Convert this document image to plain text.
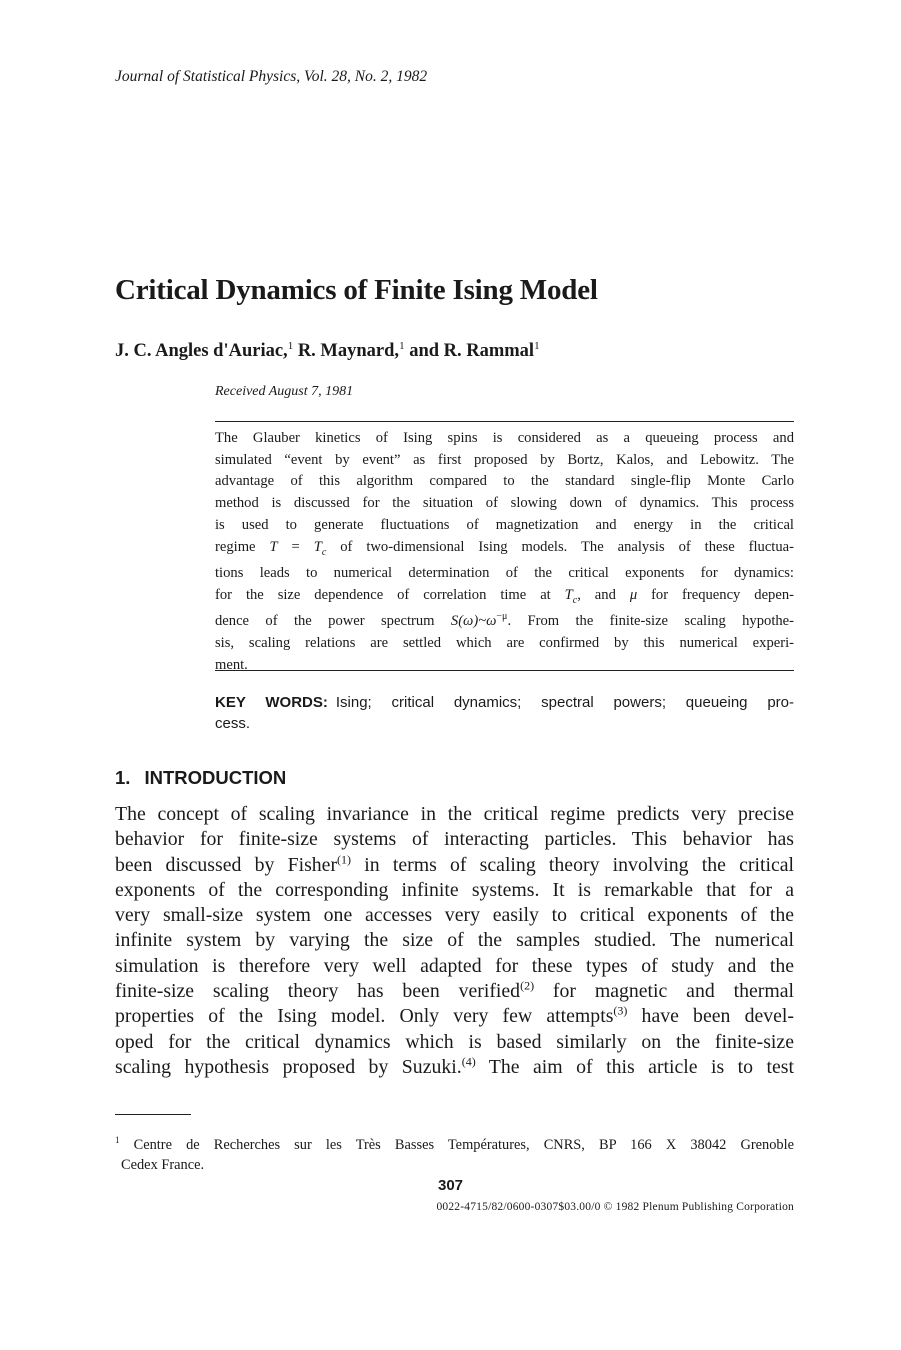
Journal of Statistical Physics, Vol. 28, No. 2, 1982
Critical Dynamics of Finite Ising Model
J. C. Angles d'Auriac,$^1$ R. Maynard,$^1$ and R. Rammal$^1$
Received August 7, 1981
The Glauber kinetics of Ising spins is considered as a queueing process and
simulated “event by event” as first proposed by Bortz, Kalos, and Lebowitz. The
advantage of this algorithm compared to the standard single-flip Monte Carlo
method is discussed for the situation of slowing down of dynamics. This process
is used to generate fluctuations of magnetization and energy in the critical
regime $T = T_c$ of two-dimensional Ising models. The analysis of these fluctua-
tions leads to numerical determination of the critical exponents for dynamics:
for the size dependence of correlation time at $T_c$, and μ for frequency depen-
dence of the power spectrum $S(\omega)\sim\omega^{-\mu}$. From the finite-size scaling hypothe-
sis, scaling relations are settled which are confirmed by this numerical experi-
ment.
KEY WORDS: Ising; critical dynamics; spectral powers; queueing pro-
cess.
1. INTRODUCTION
The concept of scaling invariance in the critical regime predicts very precise
behavior for finite-size systems of interacting particles. This behavior has
been discussed by Fisher$^{(1)}$ in terms of scaling theory involving the critical
exponents of the corresponding infinite systems. It is remarkable that for a
very small-size system one accesses very easily to critical exponents of the
infinite system by varying the size of the samples studied. The numerical
simulation is therefore very well adapted for these types of study and the
finite-size scaling theory has been verified$^{(2)}$ for magnetic and thermal
properties of the Ising model. Only very few attempts$^{(3)}$ have been devel-
oped for the critical dynamics which is based similarly on the finite-size
scaling hypothesis proposed by Suzuki.$^{(4)}$ The aim of this article is to test
$^1$ Centre de Recherches sur les Très Basses Températures, CNRS, BP 166 X 38042 Grenoble
Cedex France.
307
0022-4715/82/0600-0307$03.00/0 © 1982 Plenum Publishing Corporation
